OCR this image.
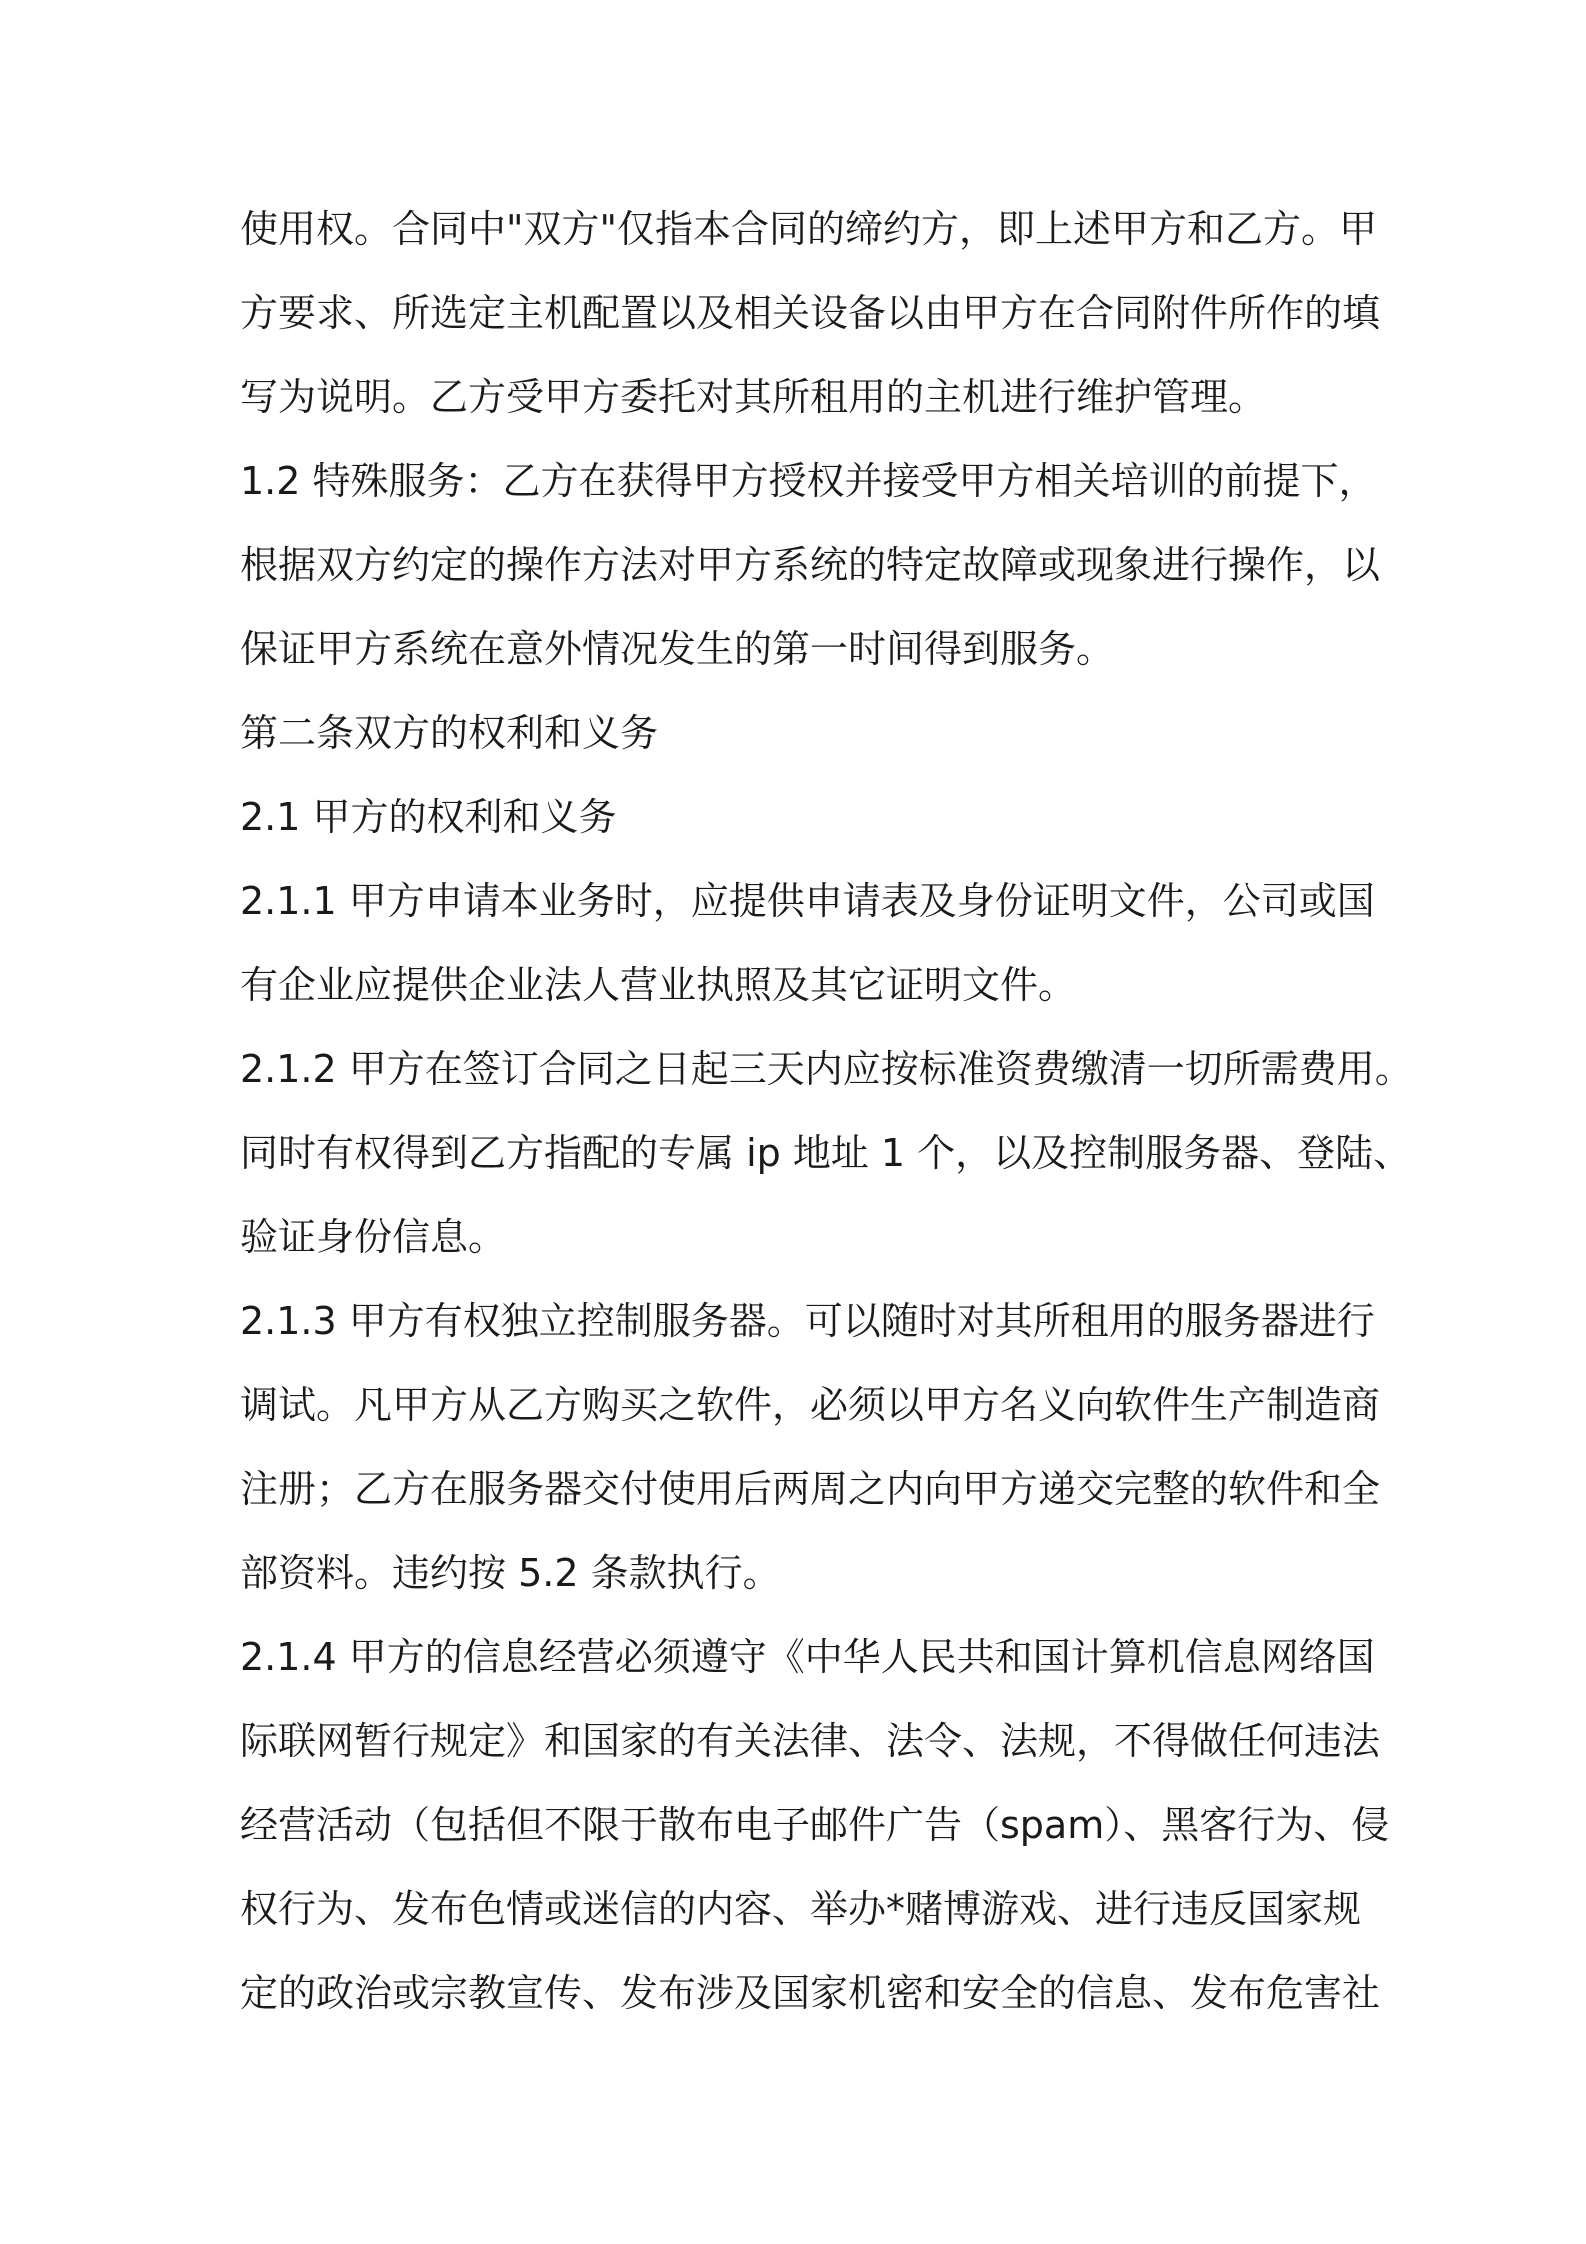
使用权。合同中"双方"仅指本合同的缔约方，即上述甲方和乙方。甲
方要求、所选定主机配置以及相关设备以由甲方在合同附件所作的填
写为说明。乙方受甲方委托对其所租用的主机进行维护管理。
1.2 特殊服务：乙方在获得甲方授权并接受甲方相关培训的前提下，
根据双方约定的操作方法对甲方系统的特定故障或现象进行操作，以
保证甲方系统在意外情况发生的第一时间得到服务。
第二条双方的权利和义务
2.1 甲方的权利和义务
2.1.1 甲方申请本业务时，应提供申请表及身份证明文件，公司或国
有企业应提供企业法人营业执照及其它证明文件。
2.1.2 甲方在签订合同之日起三天内应按标准资费缴清一切所需费用。
同时有权得到乙方指配的专属 ip 地址 1 个，以及控制服务器、登陆、
验证身份信息。
2.1.3 甲方有权独立控制服务器。可以随时对其所租用的服务器进行
调试。凡甲方从乙方购买之软件，必须以甲方名义向软件生产制造商
注册；乙方在服务器交付使用后两周之内向甲方递交完整的软件和全
部资料。违约按 5.2 条款执行。
2.1.4 甲方的信息经营必须遵守《中华人民共和国计算机信息网络国
际联网暂行规定》和国家的有关法律、法令、法规，不得做任何违法
经营活动（包括但不限于散布电子邮件广告（spam）、黑客行为、侵
权行为、发布色情或迷信的内容、举办*赌博游戏、进行违反国家规
定的政治或宗教宣传、发布涉及国家机密和安全的信息、发布危害社
